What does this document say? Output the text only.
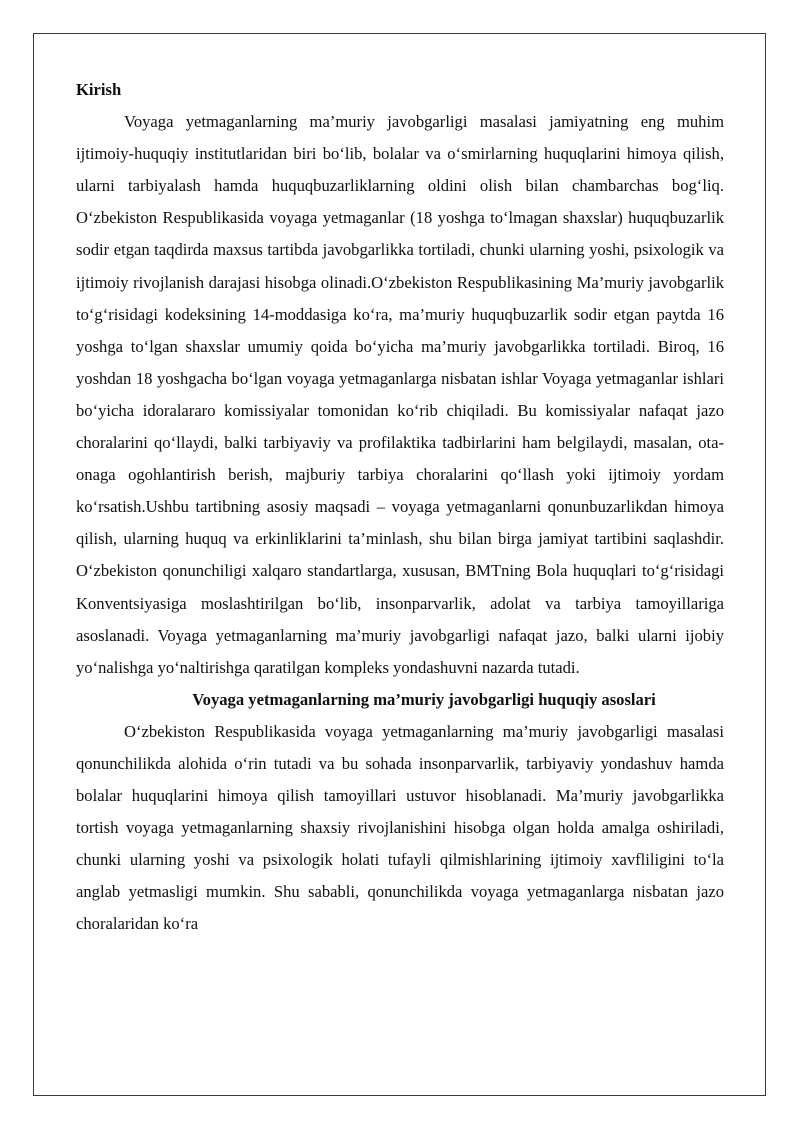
Kirish

Voyaga yetmaganlarning ma’muriy javobgarligi masalasi jamiyatning eng muhim ijtimoiy-huquqiy institutlaridan biri bo‘lib, bolalar va o‘smirlarning huquqlarini himoya qilish, ularni tarbiyalash hamda huquqbuzarliklarning oldini olish bilan chambarchas bog‘liq. O‘zbekiston Respublikasida voyaga yetmaganlar (18 yoshga to‘lmagan shaxslar) huquqbuzarlik sodir etgan taqdirda maxsus tartibda javobgarlikka tortiladi, chunki ularning yoshi, psixologik va ijtimoiy rivojlanish darajasi hisobga olinadi.O‘zbekiston Respublikasining Ma’muriy javobgarlik to‘g‘risidagi kodeksining 14-moddasiga ko‘ra, ma’muriy huquqbuzarlik sodir etgan paytda 16 yoshga to‘lgan shaxslar umumiy qoida bo‘yicha ma’muriy javobgarlikka tortiladi. Biroq, 16 yoshdan 18 yoshgacha bo‘lgan voyaga yetmaganlarga nisbatan ishlar Voyaga yetmaganlar ishlari bo‘yicha idoralararo komissiyalar tomonidan ko‘rib chiqiladi. Bu komissiyalar nafaqat jazo choralarini qo‘llaydi, balki tarbiyaviy va profilaktika tadbirlarini ham belgilaydi, masalan, ota-onaga ogohlantirish berish, majburiy tarbiya choralarini qo‘llash yoki ijtimoiy yordam ko‘rsatish.Ushbu tartibning asosiy maqsadi – voyaga yetmaganlarni qonunbuzarlikdan himoya qilish, ularning huquq va erkinliklarini ta’minlash, shu bilan birga jamiyat tartibini saqlashdir. O‘zbekiston qonunchiligi xalqaro standartlarga, xususan, BMTning Bola huquqlari to‘g‘risidagi Konventsiyasiga moslashtirilgan bo‘lib, insonparvarlik, adolat va tarbiya tamoyillariga asoslanadi. Voyaga yetmaganlarning ma’muriy javobgarligi nafaqat jazo, balki ularni ijobiy yo‘nalishga yo‘naltirishga qaratilgan kompleks yondashuvni nazarda tutadi.

Voyaga yetmaganlarning ma’muriy javobgarligi huquqiy asoslari

O‘zbekiston Respublikasida voyaga yetmaganlarning ma’muriy javobgarligi masalasi qonunchilikda alohida o‘rin tutadi va bu sohada insonparvarlik, tarbiyaviy yondashuv hamda bolalar huquqlarini himoya qilish tamoyillari ustuvor hisoblanadi. Ma’muriy javobgarlikka tortish voyaga yetmaganlarning shaxsiy rivojlanishini hisobga olgan holda amalga oshiriladi, chunki ularning yoshi va psixologik holati tufayli qilmishlarining ijtimoiy xavfliligini to‘la anglab yetmasligi mumkin. Shu sababli, qonunchilikda voyaga yetmaganlarga nisbatan jazo choralaridan ko‘ra
